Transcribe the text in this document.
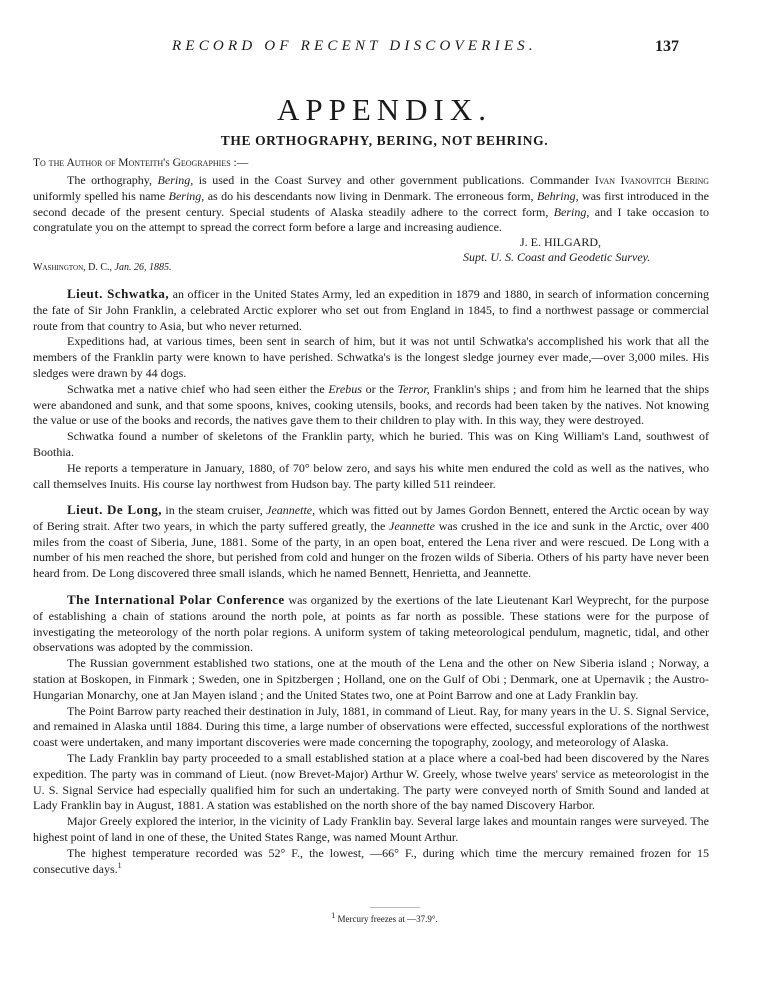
RECORD OF RECENT DISCOVERIES.	137
APPENDIX.
THE ORTHOGRAPHY, BERING, NOT BEHRING.
To the Author of Monteith's Geographies :—

The orthography, Bering, is used in the Coast Survey and other government publications. Commander Ivan Ivanovitch Bering uniformly spelled his name Bering, as do his descendants now living in Denmark. The erroneous form, Behring, was first introduced in the second decade of the present century. Special students of Alaska steadily adhere to the correct form, Bering, and I take occasion to congratulate you on the attempt to spread the correct form before a large and increasing audience.

J. E. HILGARD,
Supt. U. S. Coast and Geodetic Survey.
Washington, D. C., Jan. 26, 1885.

Lieut. Schwatka, an officer in the United States Army, led an expedition in 1879 and 1880, in search of information concerning the fate of Sir John Franklin, a celebrated Arctic explorer who set out from England in 1845, to find a northwest passage or commercial route from that country to Asia, but who never returned.

Expeditions had, at various times, been sent in search of him, but it was not until Schwatka's accomplished his work that all the members of the Franklin party were known to have perished. Schwatka's is the longest sledge journey ever made,—over 3,000 miles. His sledges were drawn by 44 dogs.

Schwatka met a native chief who had seen either the Erebus or the Terror, Franklin's ships ; and from him he learned that the ships were abandoned and sunk, and that some spoons, knives, cooking utensils, books, and records had been taken by the natives. Not knowing the value or use of the books and records, the natives gave them to their children to play with. In this way, they were destroyed.

Schwatka found a number of skeletons of the Franklin party, which he buried. This was on King William's Land, southwest of Boothia.

He reports a temperature in January, 1880, of 70° below zero, and says his white men endured the cold as well as the natives, who call themselves Inuits. His course lay northwest from Hudson bay. The party killed 511 reindeer.

Lieut. De Long, in the steam cruiser, Jeannette, which was fitted out by James Gordon Bennett, entered the Arctic ocean by way of Bering strait. After two years, in which the party suffered greatly, the Jeannette was crushed in the ice and sunk in the Arctic, over 400 miles from the coast of Siberia, June, 1881. Some of the party, in an open boat, entered the Lena river and were rescued. De Long with a number of his men reached the shore, but perished from cold and hunger on the frozen wilds of Siberia. Others of his party have never been heard from. De Long discovered three small islands, which he named Bennett, Henrietta, and Jeannette.

The International Polar Conference was organized by the exertions of the late Lieutenant Karl Weyprecht, for the purpose of establishing a chain of stations around the north pole, at points as far north as possible. These stations were for the purpose of investigating the meteorology of the north polar regions. A uniform system of taking meteorological pendulum, magnetic, tidal, and other observations was adopted by the commission.

The Russian government established two stations, one at the mouth of the Lena and the other on New Siberia island ; Norway, a station at Boskopen, in Finmark ; Sweden, one in Spitzbergen ; Holland, one on the Gulf of Obi ; Denmark, one at Upernavik ; the Austro-Hungarian Monarchy, one at Jan Mayen island ; and the United States two, one at Point Barrow and one at Lady Franklin bay.

The Point Barrow party reached their destination in July, 1881, in command of Lieut. Ray, for many years in the U. S. Signal Service, and remained in Alaska until 1884. During this time, a large number of observations were effected, successful explorations of the northwest coast were undertaken, and many important discoveries were made concerning the topography, zoology, and meteorology of Alaska.

The Lady Franklin bay party proceeded to a small established station at a place where a coal-bed had been discovered by the Nares expedition. The party was in command of Lieut. (now Brevet-Major) Arthur W. Greely, whose twelve years' service as meteorologist in the U. S. Signal Service had especially qualified him for such an undertaking. The party were conveyed north of Smith Sound and landed at Lady Franklin bay in August, 1881. A station was established on the north shore of the bay named Discovery Harbor.

Major Greely explored the interior, in the vicinity of Lady Franklin bay. Several large lakes and mountain ranges were surveyed. The highest point of land in one of these, the United States Range, was named Mount Arthur.

The highest temperature recorded was 52° F., the lowest, —66° F., during which time the mercury remained frozen for 15 consecutive days.$^1$

$^1$ Mercury freezes at —37.9°.
